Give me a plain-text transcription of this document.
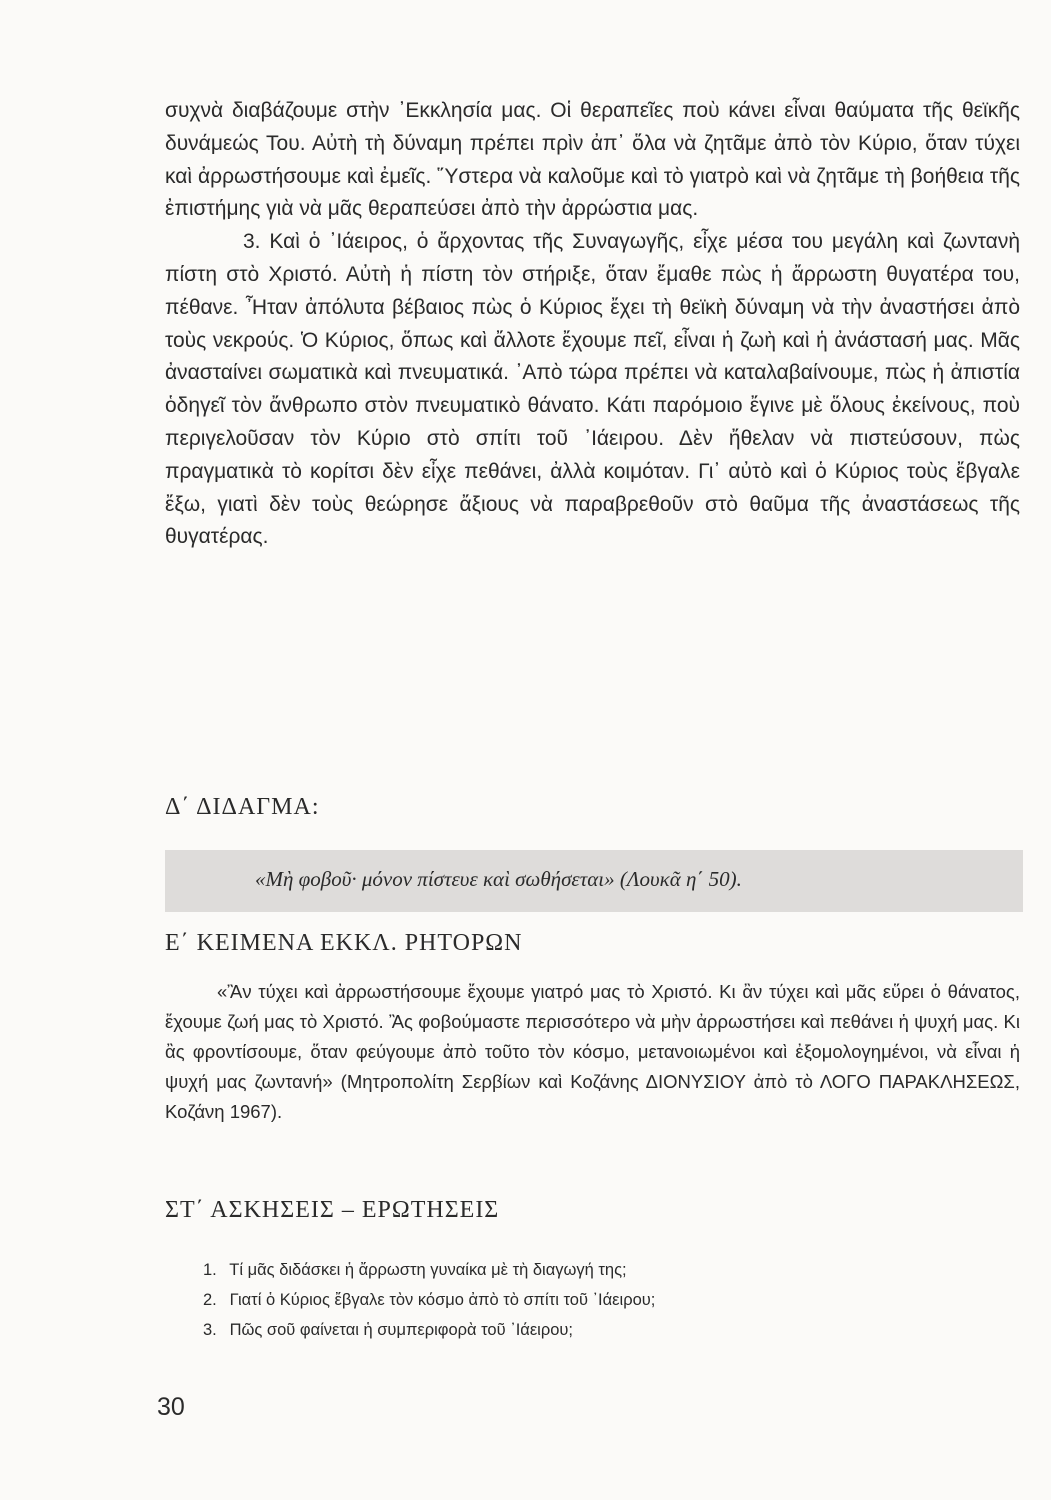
συχνὰ διαβάζουμε στὴν ᾿Εκκλησία μας. Οἱ θεραπεῖες ποὺ κάνει εἶναι θαύματα τῆς θεϊκῆς δυνάμεώς Του. Αὐτὴ τὴ δύναμη πρέπει πρὶν ἀπ᾿ ὅλα νὰ ζητᾶμε ἀπὸ τὸν Κύριο, ὅταν τύχει καὶ ἀρρωστήσουμε καὶ ἐμεῖς. Ὕστερα νὰ καλοῦμε καὶ τὸ γιατρὸ καὶ νὰ ζητᾶμε τὴ βοήθεια τῆς ἐπιστήμης γιὰ νὰ μᾶς θεραπεύσει ἀπὸ τὴν ἀρρώστια μας.

3. Καὶ ὁ ᾿Ιάειρος, ὁ ἄρχοντας τῆς Συναγωγῆς, εἶχε μέσα του μεγάλη καὶ ζωντανὴ πίστη στὸ Χριστό. Αὐτὴ ἡ πίστη τὸν στήριξε, ὅταν ἔμαθε πὼς ἡ ἄρρωστη θυγατέρα του, πέθανε. Ἦταν ἀπόλυτα βέβαιος πὼς ὁ Κύριος ἔχει τὴ θεϊκὴ δύναμη νὰ τὴν ἀναστήσει ἀπὸ τοὺς νεκρούς. Ὁ Κύριος, ὅπως καὶ ἄλλοτε ἔχουμε πεῖ, εἶναι ἡ ζωὴ καὶ ἡ ἀνάστασή μας. Μᾶς ἀνασταίνει σωματικὰ καὶ πνευματικά. ᾿Απὸ τώρα πρέπει νὰ καταλαβαίνουμε, πὼς ἡ ἀπιστία ὁδηγεῖ τὸν ἄνθρωπο στὸν πνευματικὸ θάνατο. Κάτι παρόμοιο ἔγινε μὲ ὅλους ἐκείνους, ποὺ περιγελοῦσαν τὸν Κύριο στὸ σπίτι τοῦ ᾿Ιάειρου. Δὲν ἤθελαν νὰ πιστεύσουν, πὼς πραγματικὰ τὸ κορίτσι δὲν εἶχε πεθάνει, ἀλλὰ κοιμόταν. Γι᾿ αὐτὸ καὶ ὁ Κύριος τοὺς ἔβγαλε ἔξω, γιατὶ δὲν τοὺς θεώρησε ἄξιους νὰ παραβρεθοῦν στὸ θαῦμα τῆς ἀναστάσεως τῆς θυγατέρας.

Δ΄ ΔΙΔΑΓΜΑ:
«Μὴ φοβοῦ· μόνον πίστευε καὶ σωθήσεται» (Λουκᾶ η΄ 50).
Ε΄ ΚΕΙΜΕΝΑ ΕΚΚΛ. ΡΗΤΟΡΩΝ

«Ἂν τύχει καὶ ἀρρωστήσουμε ἔχουμε γιατρό μας τὸ Χριστό. Κι ἂν τύχει καὶ μᾶς εὕρει ὁ θάνατος, ἔχουμε ζωή μας τὸ Χριστό. Ἂς φοβούμαστε περισσότερο νὰ μὴν ἀρρωστήσει καὶ πεθάνει ἡ ψυχή μας. Κι ἂς φροντίσουμε, ὅταν φεύγουμε ἀπὸ τοῦτο τὸν κόσμο, μετανοιωμένοι καὶ ἐξομολογημένοι, νὰ εἶναι ἡ ψυχή μας ζωντανή» (Μητροπολίτη Σερβίων καὶ Κοζάνης ΔΙΟΝΥΣΙΟΥ ἀπὸ τὸ ΛΟΓΟ ΠΑΡΑΚΛΗΣΕΩΣ, Κοζάνη 1967).

ΣΤ΄ ΑΣΚΗΣΕΙΣ – ΕΡΩΤΗΣΕΙΣ
1. Τί μᾶς διδάσκει ἡ ἄρρωστη γυναίκα μὲ τὴ διαγωγή της;
2. Γιατί ὁ Κύριος ἔβγαλε τὸν κόσμο ἀπὸ τὸ σπίτι τοῦ ᾿Ιάειρου;
3. Πῶς σοῦ φαίνεται ἡ συμπεριφορὰ τοῦ ᾿Ιάειρου;
30
